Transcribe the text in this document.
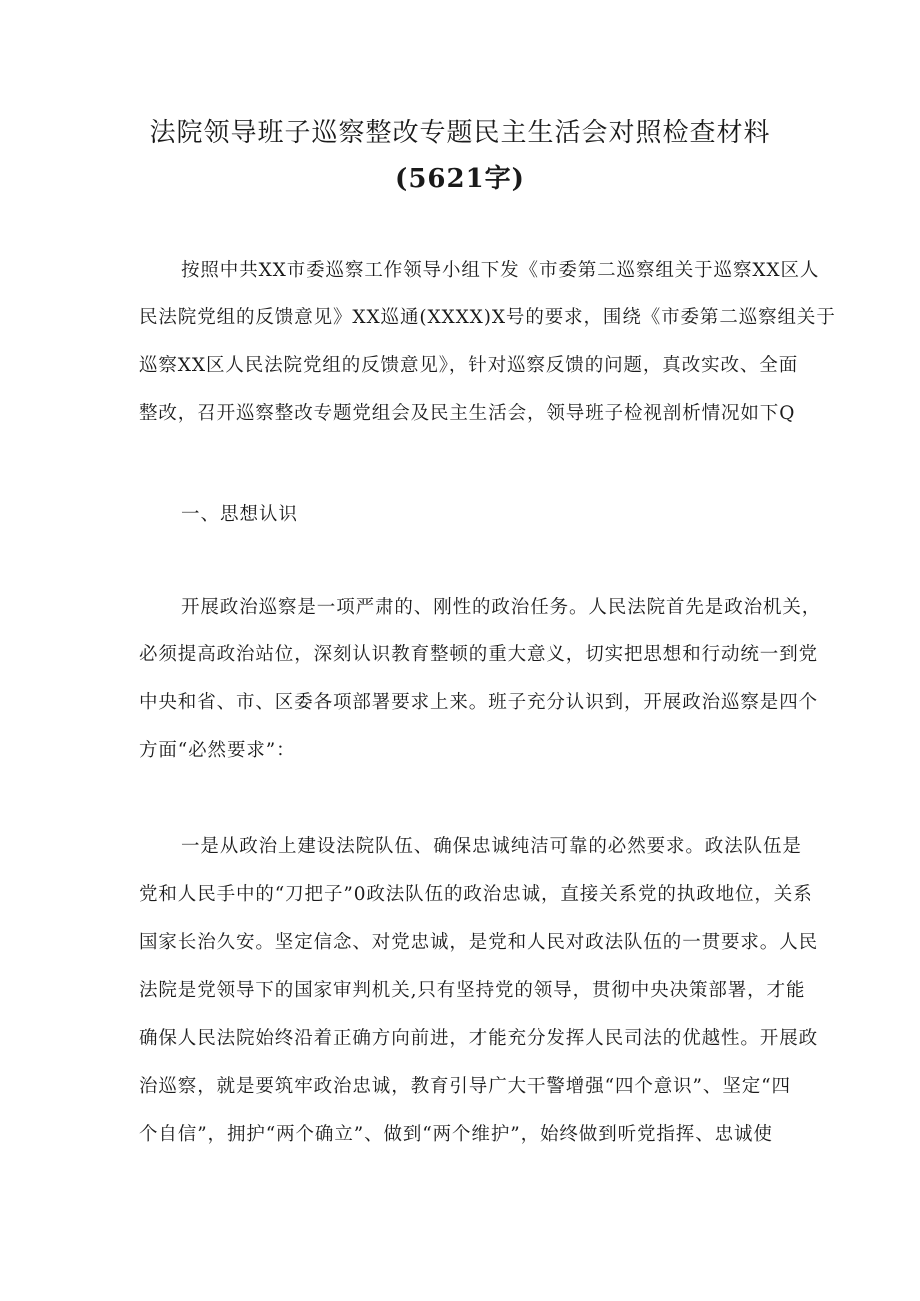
法院领导班子巡察整改专题民主生活会对照检查材料
(5621字)
按照中共XX市委巡察工作领导小组下发《市委第二巡察组关于巡察XX区人
民法院党组的反馈意见》XX巡通(XXXX)X号的要求，围绕《市委第二巡察组关于
巡察XX区人民法院党组的反馈意见》，针对巡察反馈的问题，真改实改、全面
整改，召开巡察整改专题党组会及民主生活会，领导班子检视剖析情况如下Q
一、思想认识
开展政治巡察是一项严肃的、刚性的政治任务。人民法院首先是政治机关，
必须提高政治站位，深刻认识教育整顿的重大意义，切实把思想和行动统一到党
中央和省、市、区委各项部署要求上来。班子充分认识到，开展政治巡察是四个
方面“必然要求”：
一是从政治上建设法院队伍、确保忠诚纯洁可靠的必然要求。政法队伍是
党和人民手中的“刀把子”0政法队伍的政治忠诚，直接关系党的执政地位，关系
国家长治久安。坚定信念、对党忠诚，是党和人民对政法队伍的一贯要求。人民
法院是党领导下的国家审判机关,只有坚持党的领导，贯彻中央决策部署，才能
确保人民法院始终沿着正确方向前进，才能充分发挥人民司法的优越性。开展政
治巡察，就是要筑牢政治忠诚，教育引导广大干警增强“四个意识”、坚定“四
个自信”，拥护“两个确立”、做到“两个维护”，始终做到听党指挥、忠诚使
